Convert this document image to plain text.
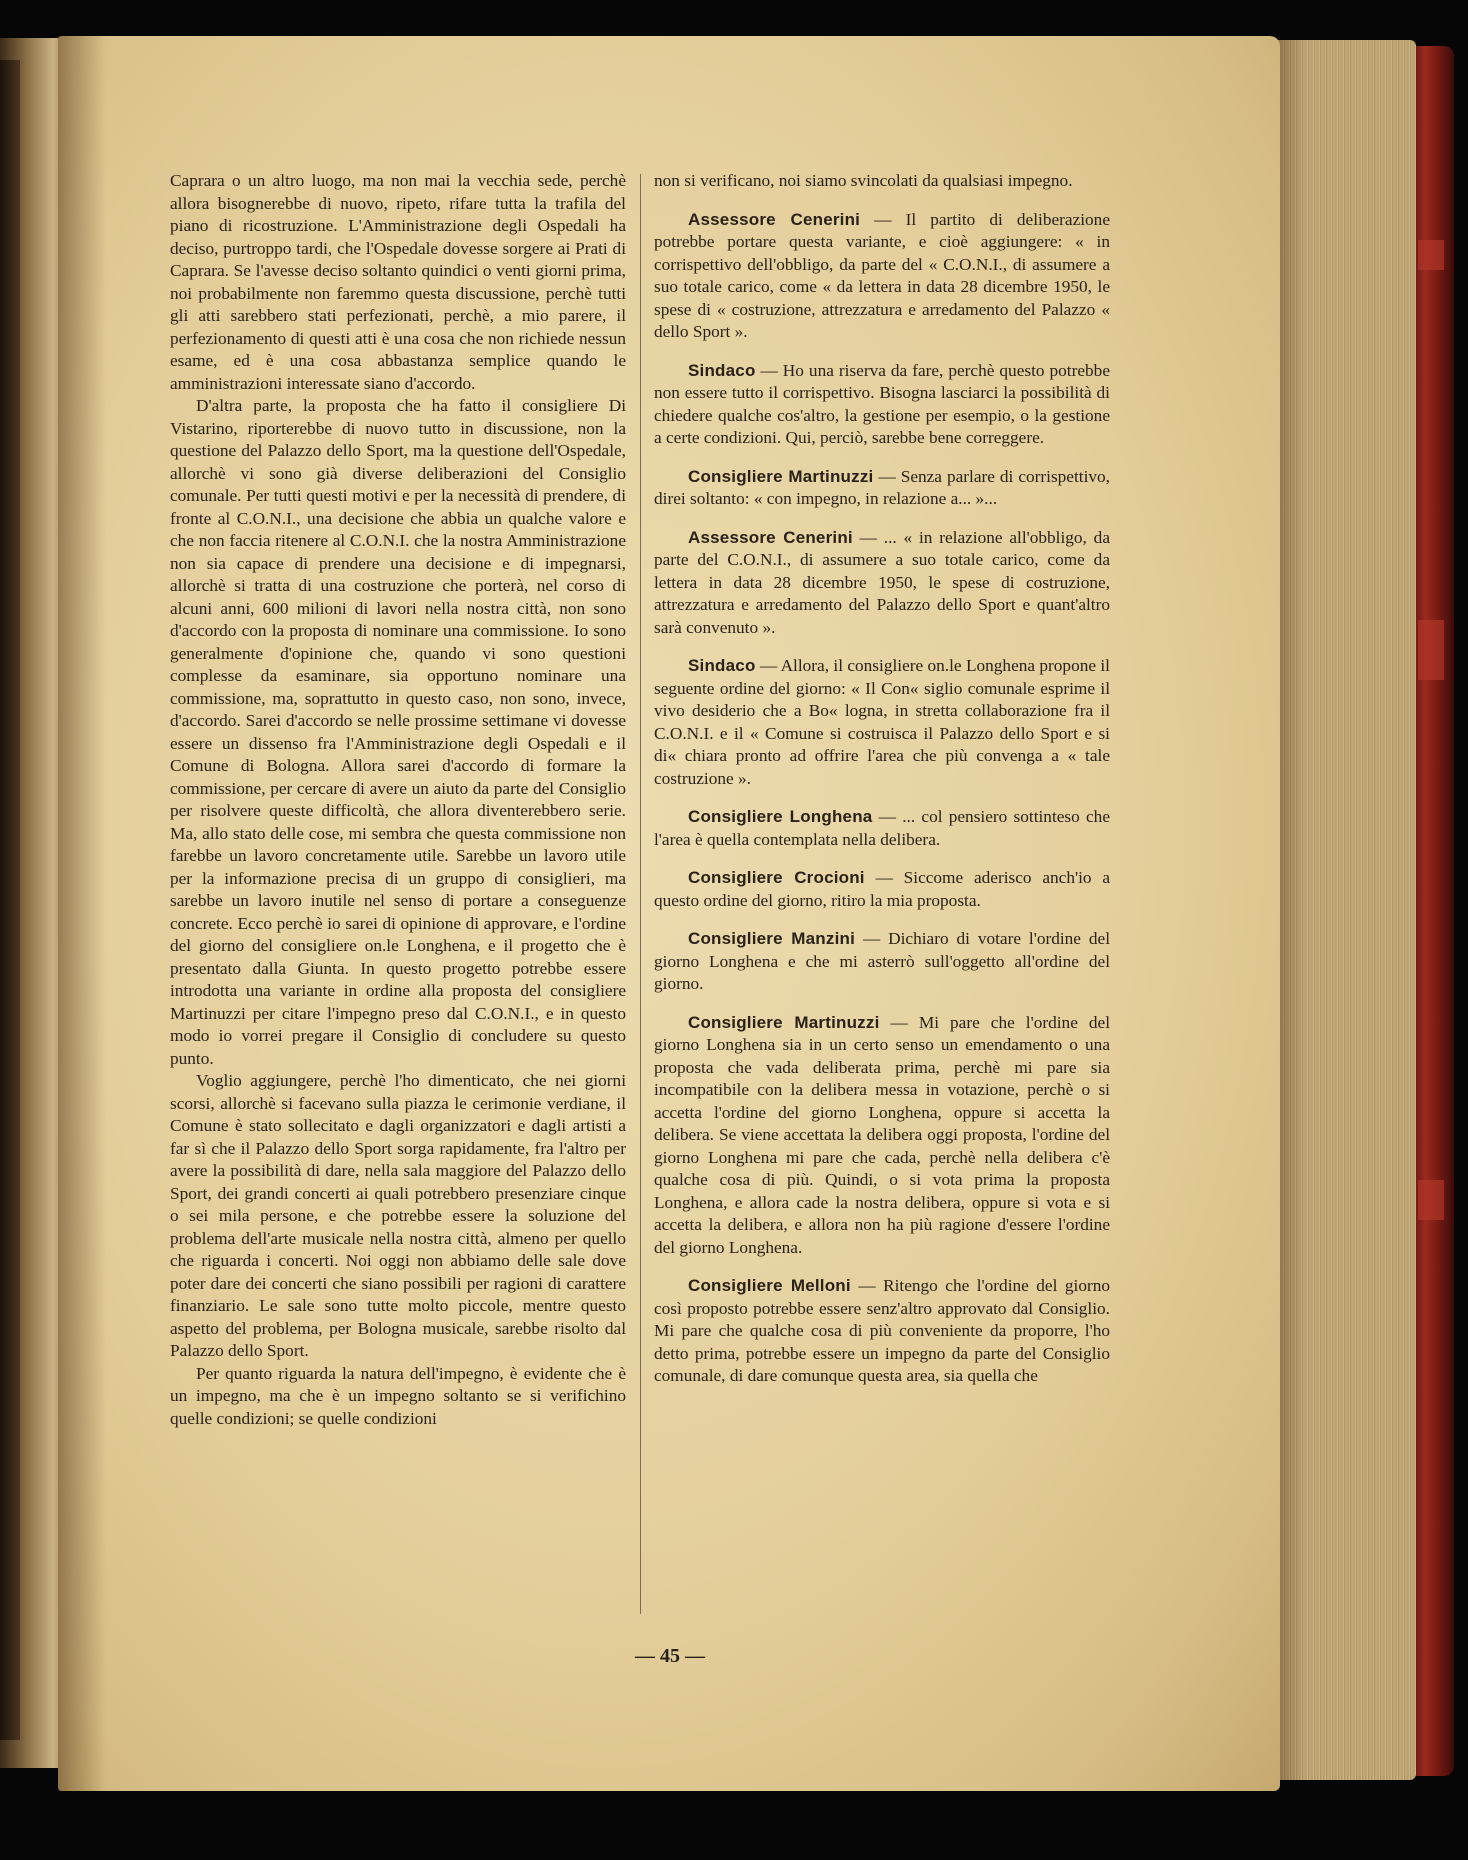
Caprara o un altro luogo, ma non mai la vecchia sede, perchè allora bisognerebbe di nuovo, ripeto, rifare tutta la trafila del piano di ricostruzione. L'Amministrazione degli Ospedali ha deciso, purtroppo tardi, che l'Ospedale dovesse sorgere ai Prati di Caprara. Se l'avesse deciso soltanto quindici o venti giorni prima, noi probabilmente non faremmo questa discussione, perchè tutti gli atti sarebbero stati perfezionati, perchè, a mio parere, il perfezionamento di questi atti è una cosa che non richiede nessun esame, ed è una cosa abbastanza semplice quando le amministrazioni interessate siano d'accordo.

D'altra parte, la proposta che ha fatto il consigliere Di Vistarino, riporterebbe di nuovo tutto in discussione, non la questione del Palazzo dello Sport, ma la questione dell'Ospedale, allorchè vi sono già diverse deliberazioni del Consiglio comunale. Per tutti questi motivi e per la necessità di prendere, di fronte al C.O.N.I., una decisione che abbia un qualche valore e che non faccia ritenere al C.O.N.I. che la nostra Amministrazione non sia capace di prendere una decisione e di impegnarsi, allorchè si tratta di una costruzione che porterà, nel corso di alcuni anni, 600 milioni di lavori nella nostra città, non sono d'accordo con la proposta di nominare una commissione. Io sono generalmente d'opinione che, quando vi sono questioni complesse da esaminare, sia opportuno nominare una commissione, ma, soprattutto in questo caso, non sono, invece, d'accordo. Sarei d'accordo se nelle prossime settimane vi dovesse essere un dissenso fra l'Amministrazione degli Ospedali e il Comune di Bologna. Allora sarei d'accordo di formare la commissione, per cercare di avere un aiuto da parte del Consiglio per risolvere queste difficoltà, che allora diventerebbero serie. Ma, allo stato delle cose, mi sembra che questa commissione non farebbe un lavoro concretamente utile. Sarebbe un lavoro utile per la informazione precisa di un gruppo di consiglieri, ma sarebbe un lavoro inutile nel senso di portare a conseguenze concrete. Ecco perchè io sarei di opinione di approvare, e l'ordine del giorno del consigliere on.le Longhena, e il progetto che è presentato dalla Giunta. In questo progetto potrebbe essere introdotta una variante in ordine alla proposta del consigliere Martinuzzi per citare l'impegno preso dal C.O.N.I., e in questo modo io vorrei pregare il Consiglio di concludere su questo punto.

Voglio aggiungere, perchè l'ho dimenticato, che nei giorni scorsi, allorchè si facevano sulla piazza le cerimonie verdiane, il Comune è stato sollecitato e dagli organizzatori e dagli artisti a far sì che il Palazzo dello Sport sorga rapidamente, fra l'altro per avere la possibilità di dare, nella sala maggiore del Palazzo dello Sport, dei grandi concerti ai quali potrebbero presenziare cinque o sei mila persone, e che potrebbe essere la soluzione del problema dell'arte musicale nella nostra città, almeno per quello che riguarda i concerti. Noi oggi non abbiamo delle sale dove poter dare dei concerti che siano possibili per ragioni di carattere finanziario. Le sale sono tutte molto piccole, mentre questo aspetto del problema, per Bologna musicale, sarebbe risolto dal Palazzo dello Sport.

Per quanto riguarda la natura dell'impegno, è evidente che è un impegno, ma che è un impegno soltanto se si verifichino quelle condizioni; se quelle condizioni

non si verificano, noi siamo svincolati da qualsiasi impegno.

Assessore Cenerini — Il partito di deliberazione potrebbe portare questa variante, e cioè aggiungere: « in corrispettivo dell'obbligo, da parte del « C.O.N.I., di assumere a suo totale carico, come « da lettera in data 28 dicembre 1950, le spese di « costruzione, attrezzatura e arredamento del Palazzo « dello Sport ».

Sindaco — Ho una riserva da fare, perchè questo potrebbe non essere tutto il corrispettivo. Bisogna lasciarci la possibilità di chiedere qualche cos'altro, la gestione per esempio, o la gestione a certe condizioni. Qui, perciò, sarebbe bene correggere.

Consigliere Martinuzzi — Senza parlare di corrispettivo, direi soltanto: « con impegno, in relazione a... »...

Assessore Cenerini — ... « in relazione all'obbligo, da parte del C.O.N.I., di assumere a suo totale carico, come da lettera in data 28 dicembre 1950, le spese di costruzione, attrezzatura e arredamento del Palazzo dello Sport e quant'altro sarà convenuto ».

Sindaco — Allora, il consigliere on.le Longhena propone il seguente ordine del giorno: « Il Con« siglio comunale esprime il vivo desiderio che a Bo« logna, in stretta collaborazione fra il C.O.N.I. e il « Comune si costruisca il Palazzo dello Sport e si di« chiara pronto ad offrire l'area che più convenga a « tale costruzione ».

Consigliere Longhena — ... col pensiero sottinteso che l'area è quella contemplata nella delibera.

Consigliere Crocioni — Siccome aderisco anch'io a questo ordine del giorno, ritiro la mia proposta.

Consigliere Manzini — Dichiaro di votare l'ordine del giorno Longhena e che mi asterrò sull'oggetto all'ordine del giorno.

Consigliere Martinuzzi — Mi pare che l'ordine del giorno Longhena sia in un certo senso un emendamento o una proposta che vada deliberata prima, perchè mi pare sia incompatibile con la delibera messa in votazione, perchè o si accetta l'ordine del giorno Longhena, oppure si accetta la delibera. Se viene accettata la delibera oggi proposta, l'ordine del giorno Longhena mi pare che cada, perchè nella delibera c'è qualche cosa di più. Quindi, o si vota prima la proposta Longhena, e allora cade la nostra delibera, oppure si vota e si accetta la delibera, e allora non ha più ragione d'essere l'ordine del giorno Longhena.

Consigliere Melloni — Ritengo che l'ordine del giorno così proposto potrebbe essere senz'altro approvato dal Consiglio. Mi pare che qualche cosa di più conveniente da proporre, l'ho detto prima, potrebbe essere un impegno da parte del Consiglio comunale, di dare comunque questa area, sia quella che

— 45 —
